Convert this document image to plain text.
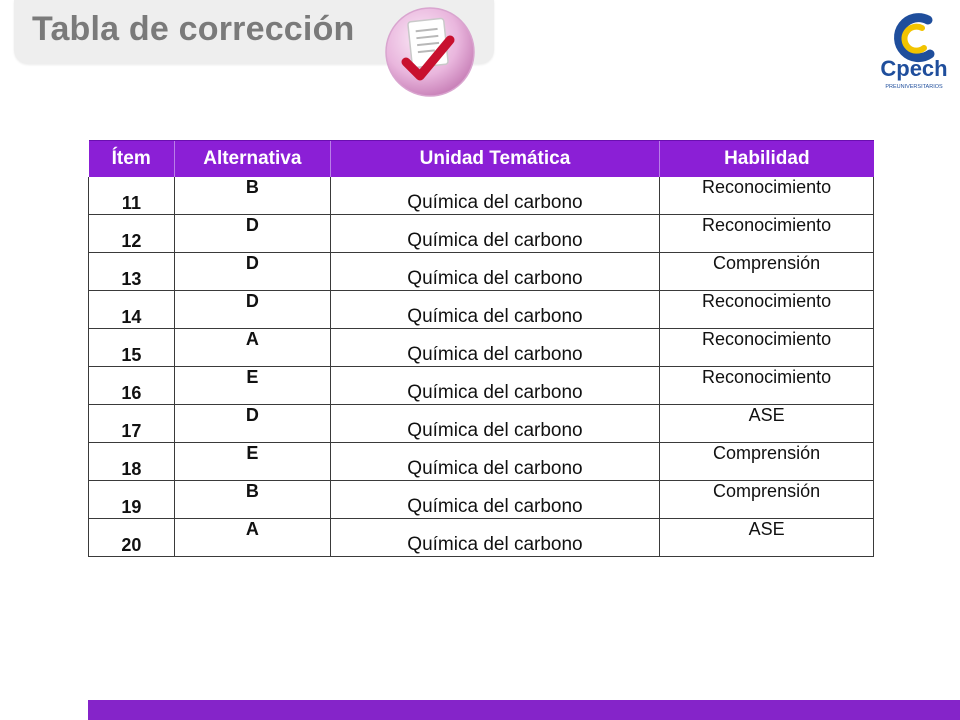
Tabla de corrección
Cpech
PREUNIVERSITARIOS
Ítem	Alternativa	Unidad Temática	Habilidad
11	B	Química del carbono	Reconocimiento
12	D	Química del carbono	Reconocimiento
13	D	Química del carbono	Comprensión
14	D	Química del carbono	Reconocimiento
15	A	Química del carbono	Reconocimiento
16	E	Química del carbono	Reconocimiento
17	D	Química del carbono	ASE
18	E	Química del carbono	Comprensión
19	B	Química del carbono	Comprensión
20	A	Química del carbono	ASE
